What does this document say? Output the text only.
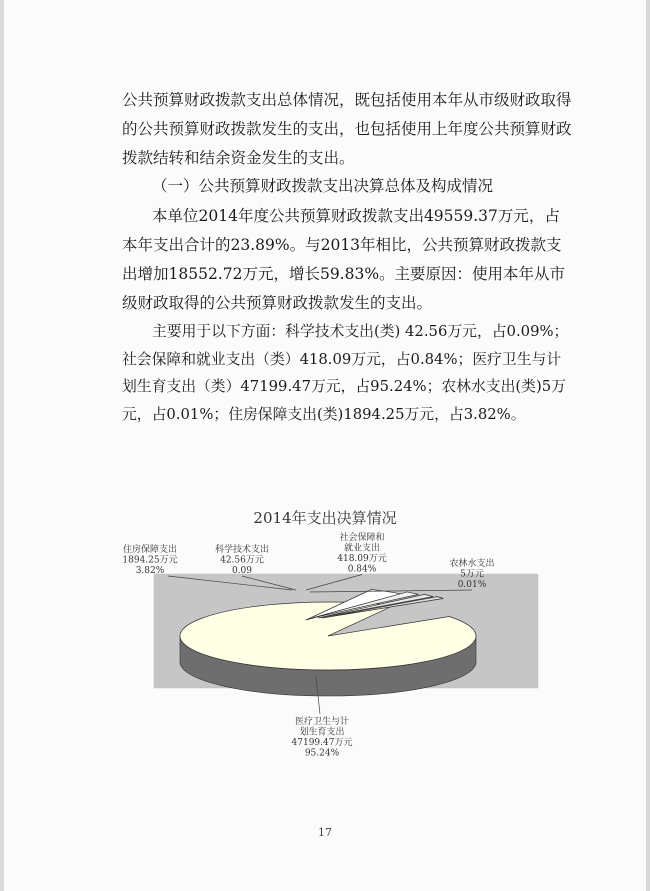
公共预算财政拨款支出总体情况，既包括使用本年从市级财政取得的公共预算财政拨款发生的支出，也包括使用上年度公共预算财政拨款结转和结余资金发生的支出。

（一）公共预算财政拨款支出决算总体及构成情况

本单位2014年度公共预算财政拨款支出49559.37万元，占本年支出合计的23.89%。与2013年相比，公共预算财政拨款支出增加18552.72万元，增长59.83%。主要原因：使用本年从市级财政取得的公共预算财政拨款发生的支出。

主要用于以下方面：科学技术支出(类) 42.56万元，占0.09%；社会保障和就业支出（类）418.09万元，占0.84%；医疗卫生与计划生育支出（类）47199.47万元，占95.24%；农林水支出(类)5万元，占0.01%；住房保障支出(类)1894.25万元，占3.82%。

2014年支出决算情况
医疗卫生与计划生育支出 47199.47万元 95.24%
住房保障支出 1894.25万元 3.82%
科学技术支出 42.56万元 0.09
社会保障和就业支出 418.09万元 0.84%
农林水支出 5万元 0.01%
17
